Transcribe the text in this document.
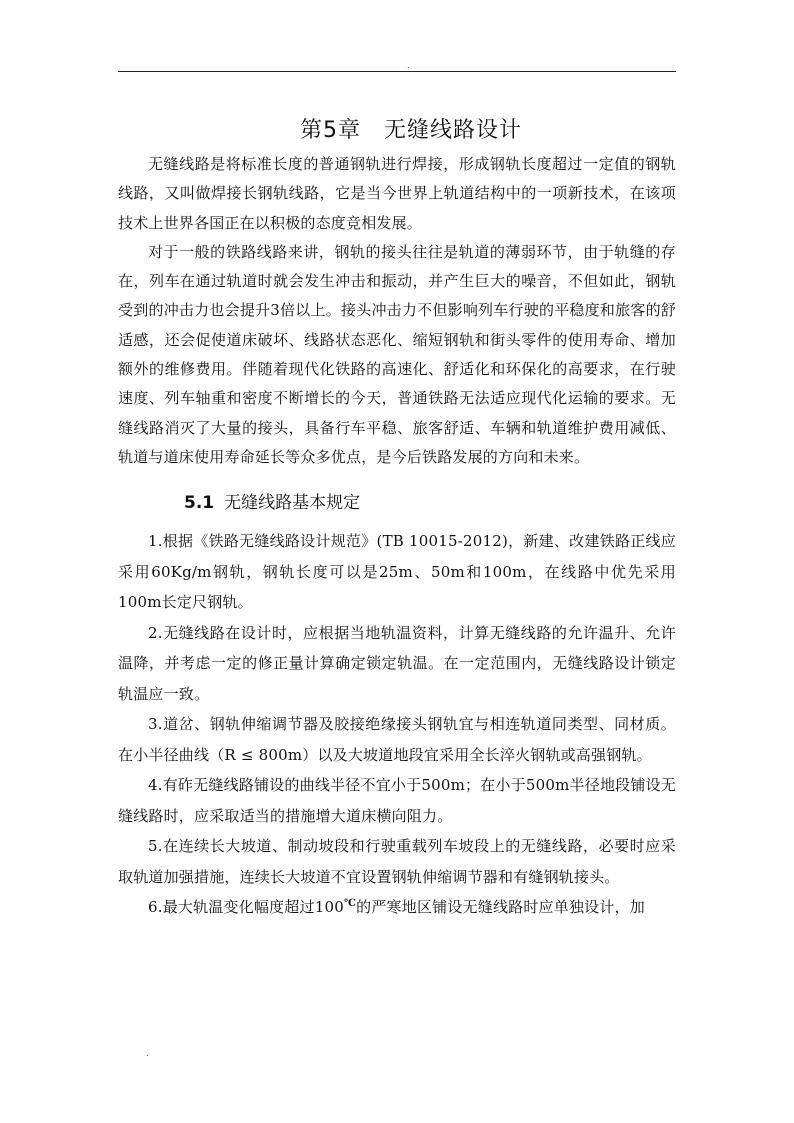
.
第5章　无缝线路设计

无缝线路是将标准长度的普通钢轨进行焊接，形成钢轨长度超过一定值的钢轨线路，又叫做焊接长钢轨线路，它是当今世界上轨道结构中的一项新技术，在该项技术上世界各国正在以积极的态度竞相发展。

对于一般的铁路线路来讲，钢轨的接头往往是轨道的薄弱环节，由于轨缝的存在，列车在通过轨道时就会发生冲击和振动，并产生巨大的噪音，不但如此，钢轨受到的冲击力也会提升3倍以上。接头冲击力不但影响列车行驶的平稳度和旅客的舒适感，还会促使道床破坏、线路状态恶化、缩短钢轨和街头零件的使用寿命、增加额外的维修费用。伴随着现代化铁路的高速化、舒适化和环保化的高要求，在行驶速度、列车轴重和密度不断增长的今天，普通铁路无法适应现代化运输的要求。无缝线路消灭了大量的接头，具备行车平稳、旅客舒适、车辆和轨道维护费用减低、轨道与道床使用寿命延长等众多优点，是今后铁路发展的方向和未来。

5.1 无缝线路基本规定

1.根据《铁路无缝线路设计规范》(TB 10015-2012)，新建、改建铁路正线应采用60Kg/m钢轨，钢轨长度可以是25m、50m和100m，在线路中优先采用100m长定尺钢轨。

2.无缝线路在设计时，应根据当地轨温资料，计算无缝线路的允许温升、允许温降，并考虑一定的修正量计算确定锁定轨温。在一定范围内，无缝线路设计锁定轨温应一致。

3.道岔、钢轨伸缩调节器及胶接绝缘接头钢轨宜与相连轨道同类型、同材质。在小半径曲线（R ≤ 800m）以及大坡道地段宜采用全长淬火钢轨或高强钢轨。

4.有砟无缝线路铺设的曲线半径不宜小于500m；在小于500m半径地段铺设无缝线路时，应采取适当的措施增大道床横向阻力。

5.在连续长大坡道、制动坡段和行驶重载列车坡段上的无缝线路，必要时应采取轨道加强措施，连续长大坡道不宜设置钢轨伸缩调节器和有缝钢轨接头。

6.最大轨温变化幅度超过100℃的严寒地区铺设无缝线路时应单独设计，加

.
